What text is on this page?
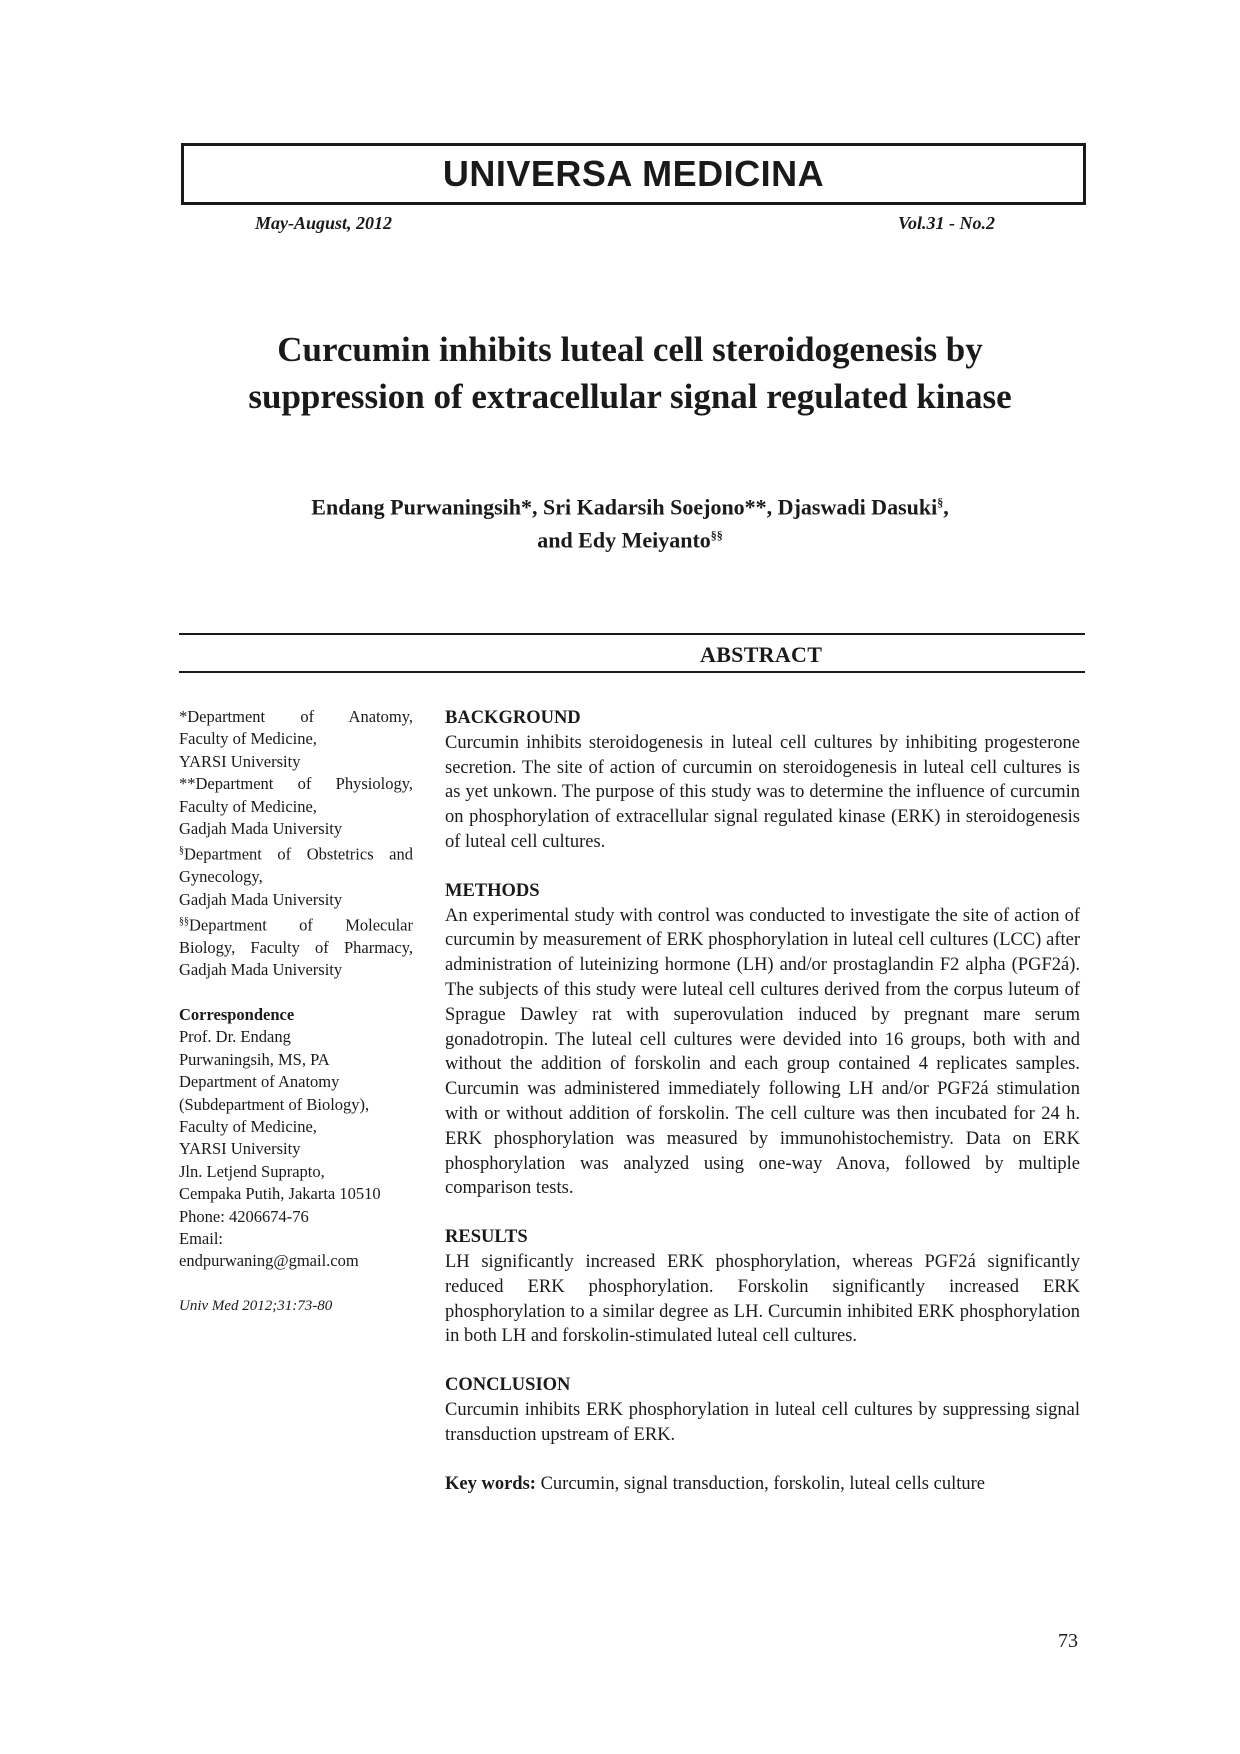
UNIVERSA MEDICINA
May-August, 2012	Vol.31 - No.2
Curcumin inhibits luteal cell steroidogenesis by
suppression of extracellular signal regulated kinase
Endang Purwaningsih*, Sri Kadarsih Soejono**, Djaswadi Dasuki§,
and Edy Meiyanto§§
ABSTRACT

*Department of Anatomy,

Faculty of Medicine,

YARSI University

**Department of Physiology,

Faculty of Medicine,

Gadjah Mada University

§Department of Obstetrics and

Gynecology,

Gadjah Mada University

§§Department of Molecular

Biology, Faculty of Pharmacy,

Gadjah Mada University

Correspondence

Prof. Dr. Endang

Purwaningsih, MS, PA

Department of Anatomy

(Subdepartment of Biology),

Faculty of Medicine,

YARSI University

Jln. Letjend Suprapto,

Cempaka Putih, Jakarta 10510

Phone: 4206674-76

Email:

endpurwaning@gmail.com

Univ Med 2012;31:73-80

BACKGROUND

Curcumin inhibits steroidogenesis in luteal cell cultures by inhibiting progesterone secretion. The site of action of curcumin on steroidogenesis in luteal cell cultures is as yet unkown. The purpose of this study was to determine the influence of curcumin on phosphorylation of extracellular signal regulated kinase (ERK) in steroidogenesis of luteal cell cultures.

METHODS

An experimental study with control was conducted to investigate the site of action of curcumin by measurement of ERK phosphorylation in luteal cell cultures (LCC) after administration of luteinizing hormone (LH) and/or prostaglandin F2 alpha (PGF2á). The subjects of this study were luteal cell cultures derived from the corpus luteum of Sprague Dawley rat with superovulation induced by pregnant mare serum gonadotropin. The luteal cell cultures were devided into 16 groups, both with and without the addition of forskolin and each group contained 4 replicates samples. Curcumin was administered immediately following LH and/or PGF2á stimulation with or without addition of forskolin. The cell culture was then incubated for 24 h. ERK phosphorylation was measured by immunohistochemistry. Data on ERK phosphorylation was analyzed using one-way Anova, followed by multiple comparison tests.

RESULTS

LH significantly increased ERK phosphorylation, whereas PGF2á significantly reduced ERK phosphorylation. Forskolin significantly increased ERK phosphorylation to a similar degree as LH. Curcumin inhibited ERK phosphorylation in both LH and forskolin-stimulated luteal cell cultures.

CONCLUSION

Curcumin inhibits ERK phosphorylation in luteal cell cultures by suppressing signal transduction upstream of ERK.

Key words: Curcumin, signal transduction, forskolin, luteal cells culture

73
